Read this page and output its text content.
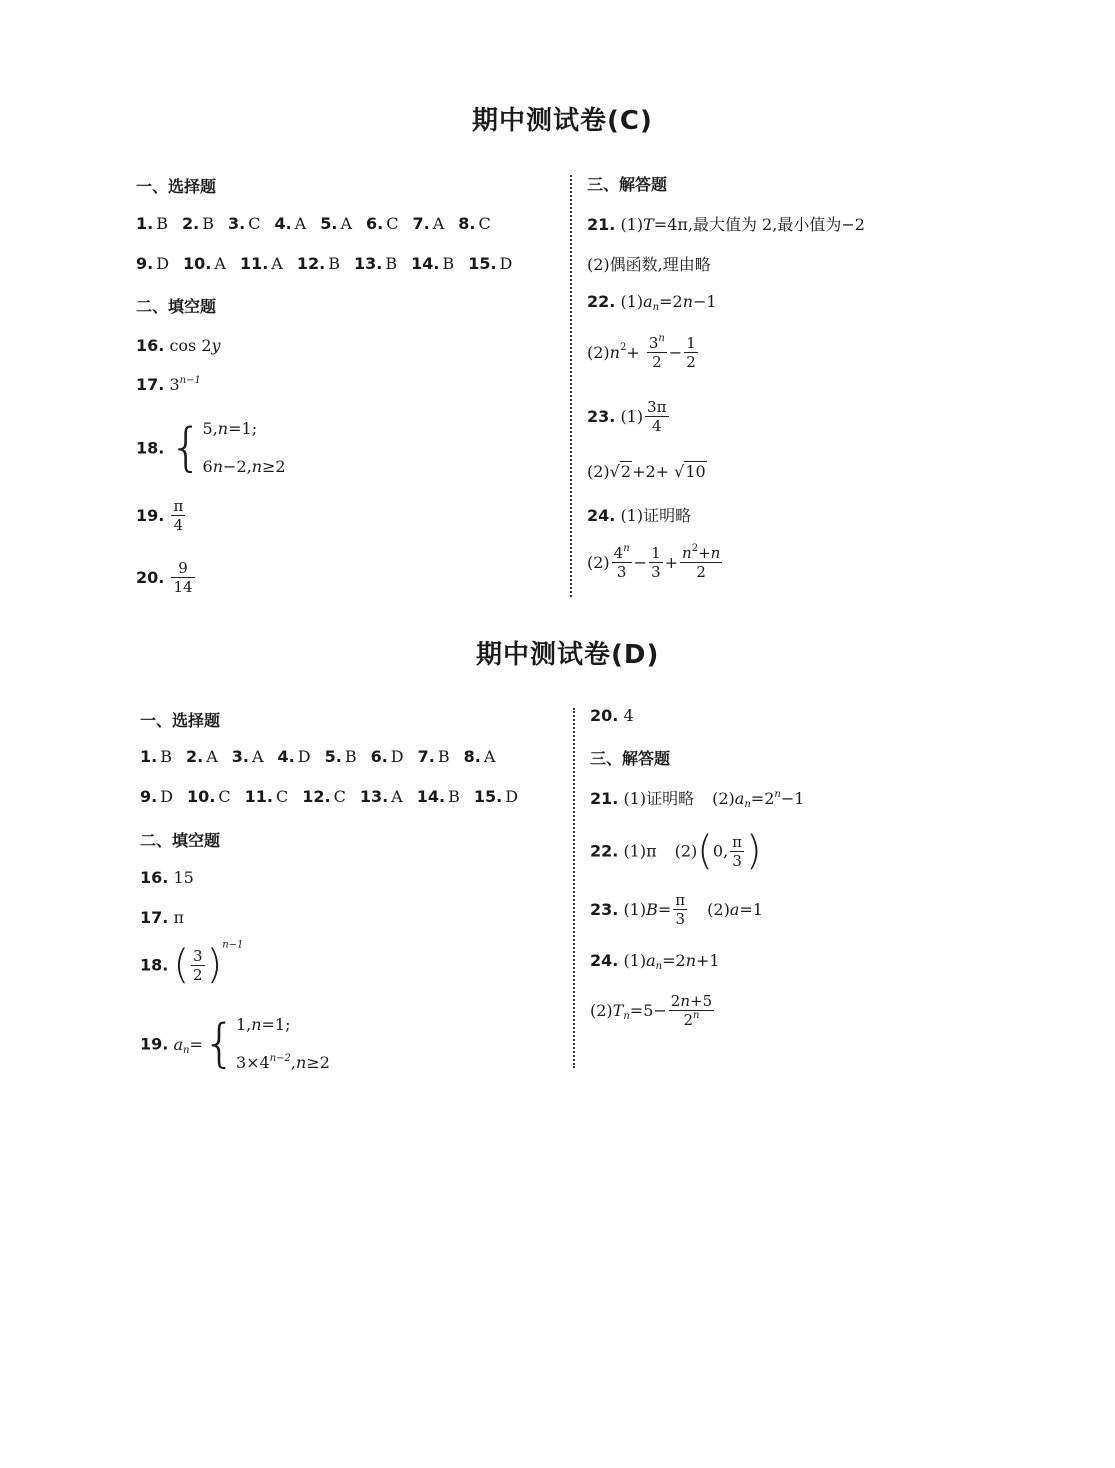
期中测试卷(C)
一、选择题
1. B 2. B 3. C 4. A 5. A 6. C 7. A 8. C
9. D 10. A 11. A 12. B 13. B 14. B 15. D
二、填空题
16. cos 2y
17. $3^{n-1}$
18. { 5,n=1;
6n−2,n≥2
19. $\frac{\pi}{4}$
20. $\frac{9}{14}$
三、解答题
21. (1)T=4π,最大值为 2,最小值为−2
(2)偶函数,理由略
22. $(1)a_n=2n-1$
$(2)n^2+ \frac{3^n}{2} - \frac{1}{2}$
23. $(1) \frac{3\pi}{4}$
(2)√2+2+ √10
24. (1)证明略
$(2) \frac{4^n}{3} - \frac{1}{3} + \frac{n^2+n}{2}$
期中测试卷(D)
一、选择题
1. B 2. A 3. A 4. D 5. B 6. D 7. B 8. A
9. D 10. C 11. C 12. C 13. A 14. B 15. D
二、填空题
16. 15
17. π
18. ( $\frac{3}{2} )^{n-1}$
19. $a_n=${ 1,n=1;
$3\times 4^{n-2},n\ge 2$
20. 4
三、解答题
21. (1)证明略 $(2)a_n=2^n-1$
22. (1)π (2)(0, $\frac{\pi}{3}$ )
23. $(1)B= \frac{\pi}{3} (2)a=1$
24. $(1)a_n=2n+1$
$(2)T_n=5- \frac{2n+5}{2^n}$
